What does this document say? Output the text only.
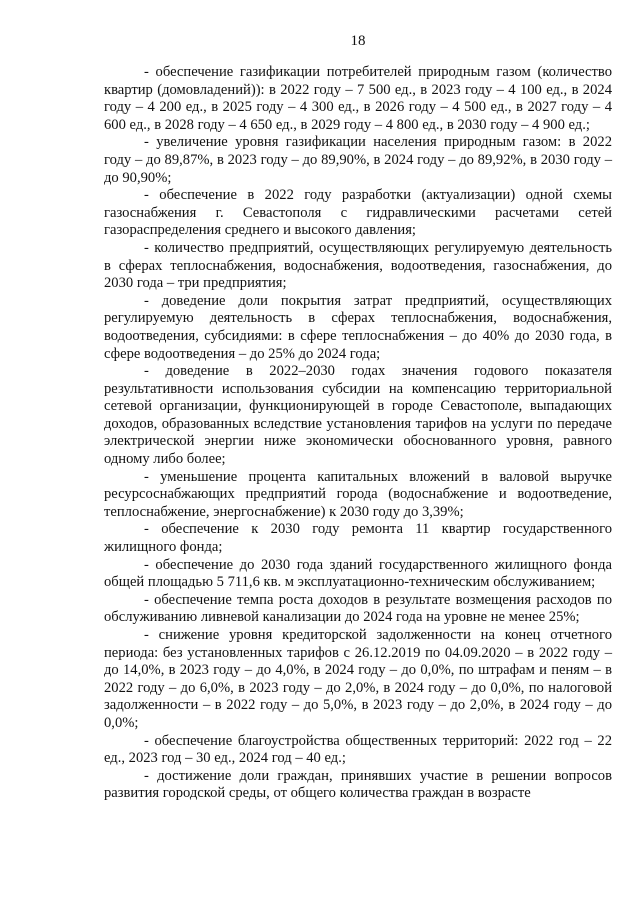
18

- обеспечение газификации потребителей природным газом (количество квартир (домовладений)): в 2022 году – 7 500 ед., в 2023 году – 4 100 ед., в 2024 году – 4 200 ед., в 2025 году – 4 300 ед., в 2026 году – 4 500 ед., в 2027 году – 4 600 ед., в 2028 году – 4 650 ед., в 2029 году – 4 800 ед., в 2030 году – 4 900 ед.;

- увеличение уровня газификации населения природным газом: в 2022 году – до 89,87%, в 2023 году – до 89,90%, в 2024 году – до 89,92%, в 2030 году – до 90,90%;

- обеспечение в 2022 году разработки (актуализации) одной схемы газоснабжения г. Севастополя с гидравлическими расчетами сетей газораспределения среднего и высокого давления;

- количество предприятий, осуществляющих регулируемую деятельность в сферах теплоснабжения, водоснабжения, водоотведения, газоснабжения, до 2030 года – три предприятия;

- доведение доли покрытия затрат предприятий, осуществляющих регулируемую деятельность в сферах теплоснабжения, водоснабжения, водоотведения, субсидиями: в сфере теплоснабжения – до 40% до 2030 года, в сфере водоотведения – до 25% до 2024 года;

- доведение в 2022–2030 годах значения годового показателя результативности использования субсидии на компенсацию территориальной сетевой организации, функционирующей в городе Севастополе, выпадающих доходов, образованных вследствие установления тарифов на услуги по передаче электрической энергии ниже экономически обоснованного уровня, равного одному либо более;

- уменьшение процента капитальных вложений в валовой выручке ресурсоснабжающих предприятий города (водоснабжение и водоотведение, теплоснабжение, энергоснабжение) к 2030 году до 3,39%;

- обеспечение к 2030 году ремонта 11 квартир государственного жилищного фонда;

- обеспечение до 2030 года зданий государственного жилищного фонда общей площадью 5 711,6 кв. м эксплуатационно-техническим обслуживанием;

- обеспечение темпа роста доходов в результате возмещения расходов по обслуживанию ливневой канализации до 2024 года на уровне не менее 25%;

- снижение уровня кредиторской задолженности на конец отчетного периода: без установленных тарифов с 26.12.2019 по 04.09.2020 – в 2022 году – до 14,0%, в 2023 году – до 4,0%, в 2024 году – до 0,0%, по штрафам и пеням – в 2022 году – до 6,0%, в 2023 году – до 2,0%, в 2024 году – до 0,0%, по налоговой задолженности – в 2022 году – до 5,0%, в 2023 году – до 2,0%, в 2024 году – до 0,0%;

- обеспечение благоустройства общественных территорий: 2022 год – 22 ед., 2023 год – 30 ед., 2024 год – 40 ед.;

- достижение доли граждан, принявших участие в решении вопросов развития городской среды, от общего количества граждан в возрасте
